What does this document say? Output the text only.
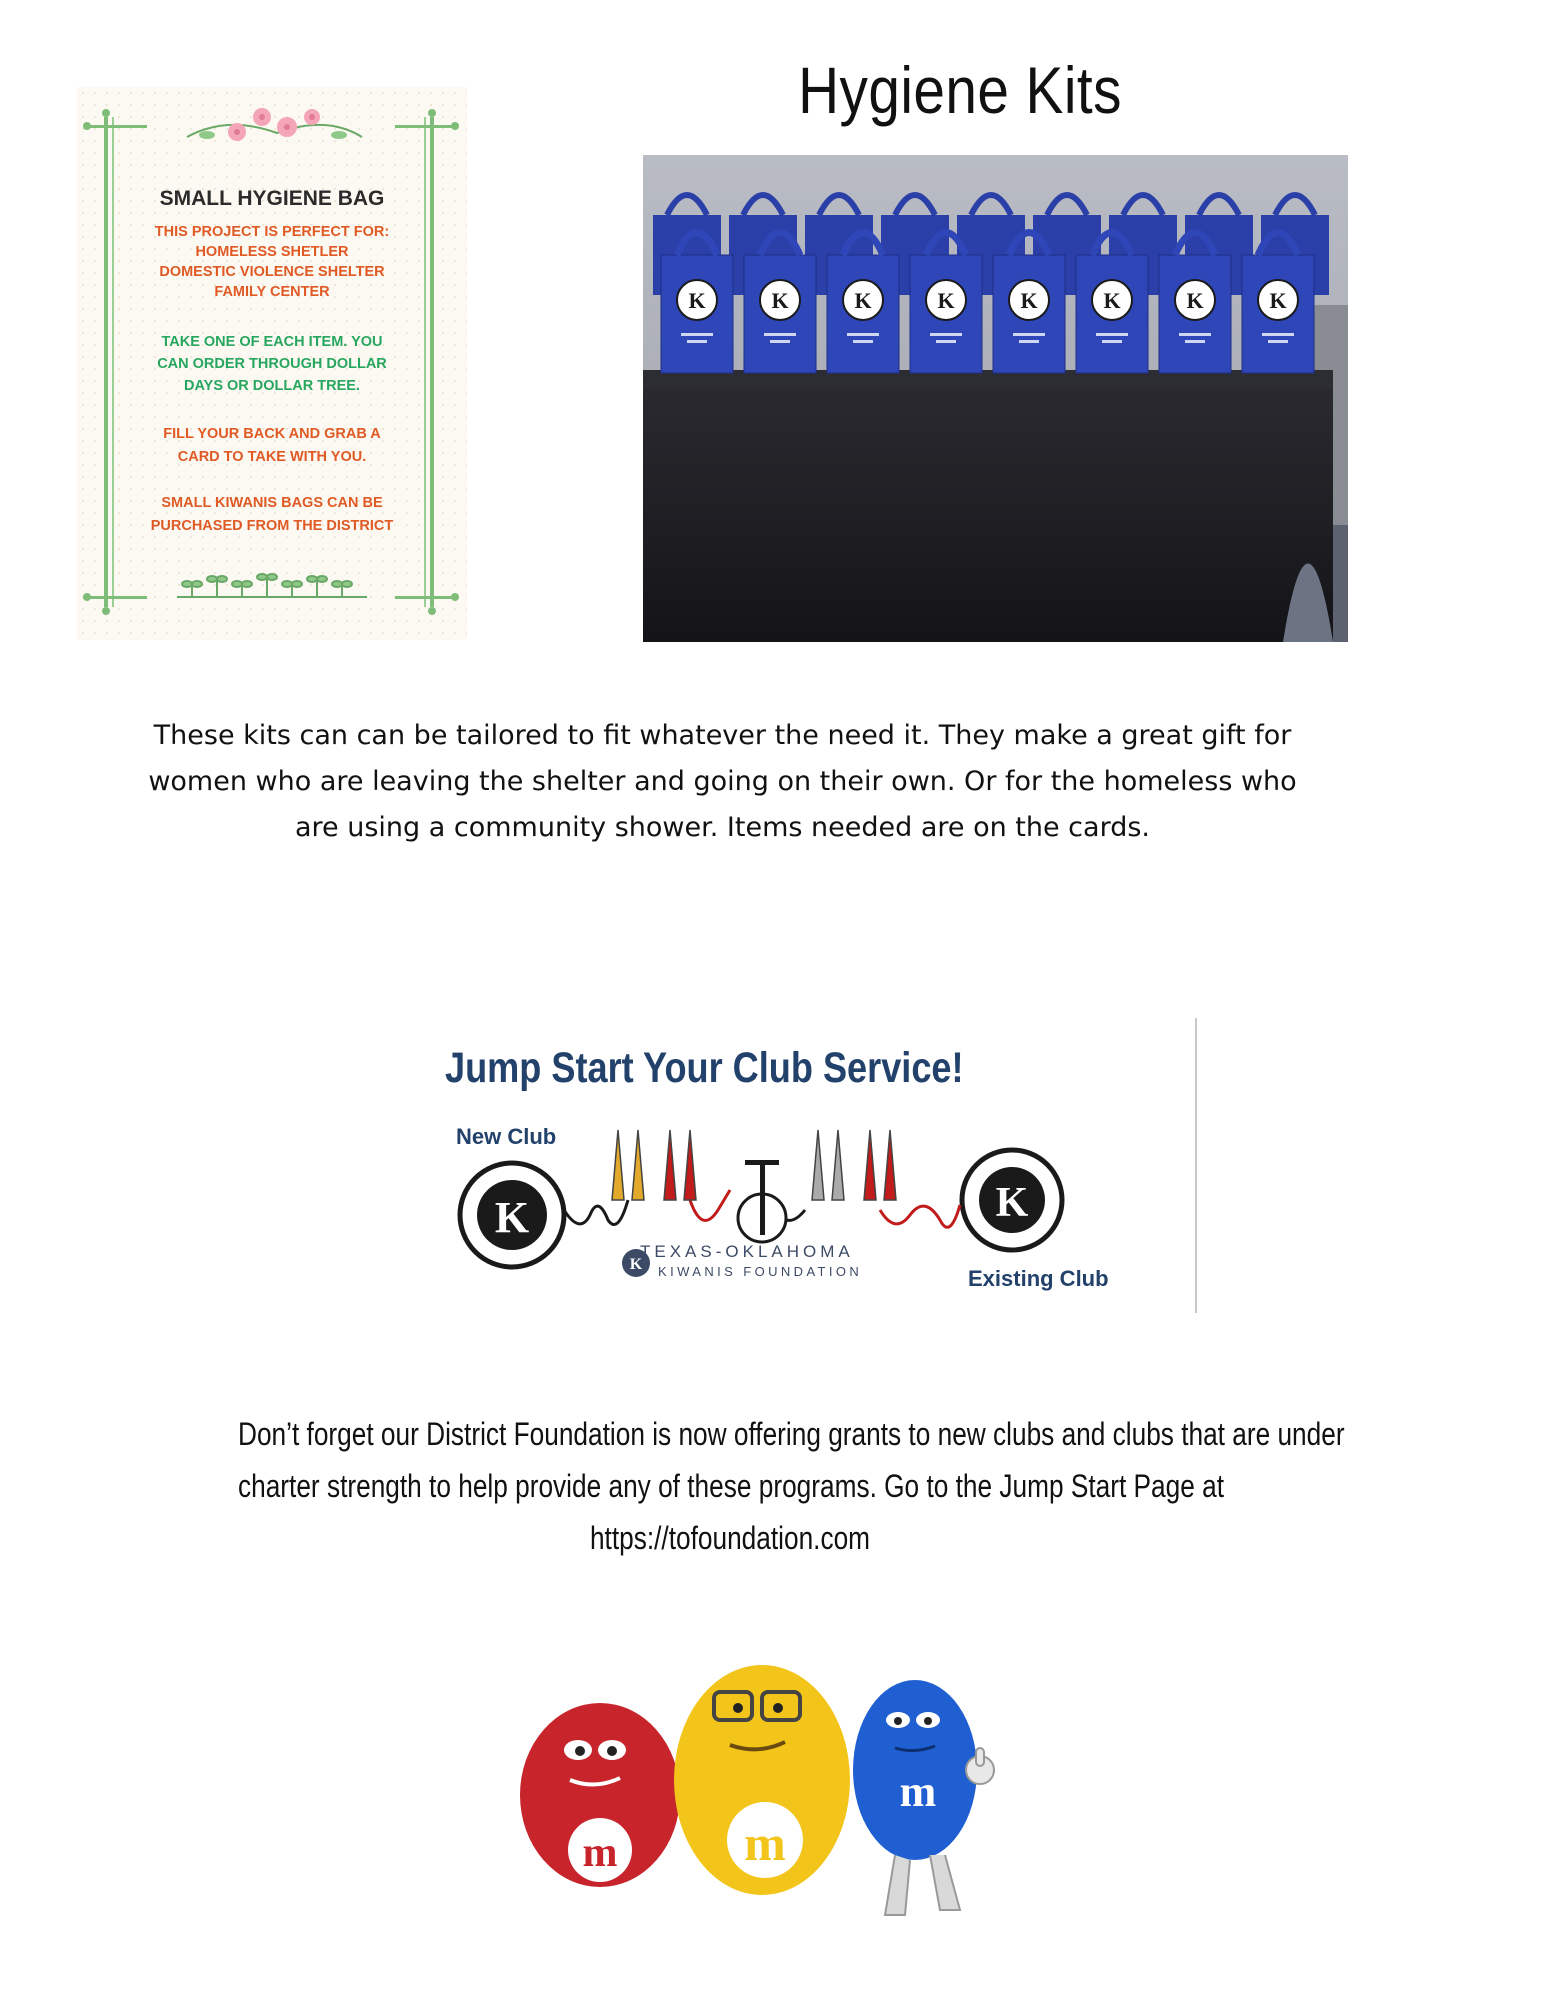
Hygiene Kits
SMALL HYGIENE BAG
THIS PROJECT IS PERFECT FOR:
HOMELESS SHETLER
DOMESTIC VIOLENCE SHELTER
FAMILY CENTER
TAKE ONE OF EACH ITEM. YOU
CAN ORDER THROUGH DOLLAR
DAYS OR DOLLAR TREE.
FILL YOUR BACK AND GRAB A
CARD TO TAKE WITH YOU.
SMALL KIWANIS BAGS CAN BE
PURCHASED FROM THE DISTRICT
K	K	K	K	K	K	K	K
These kits can can be tailored to fit whatever the need it. They make a great gift for
women who are leaving the shelter and going on their own. Or for the homeless who
are using a community shower. Items needed are on the cards.
K	K
K
Jump Start Your Club Service!
New Club
Existing Club
TEXAS-OKLAHOMA
KIWANIS FOUNDATION
Don’t forget our District Foundation is now offering grants to new clubs and clubs that are under
charter strength to help provide any of these programs. Go to the Jump Start Page at
https://tofoundation.com
m	m
m
